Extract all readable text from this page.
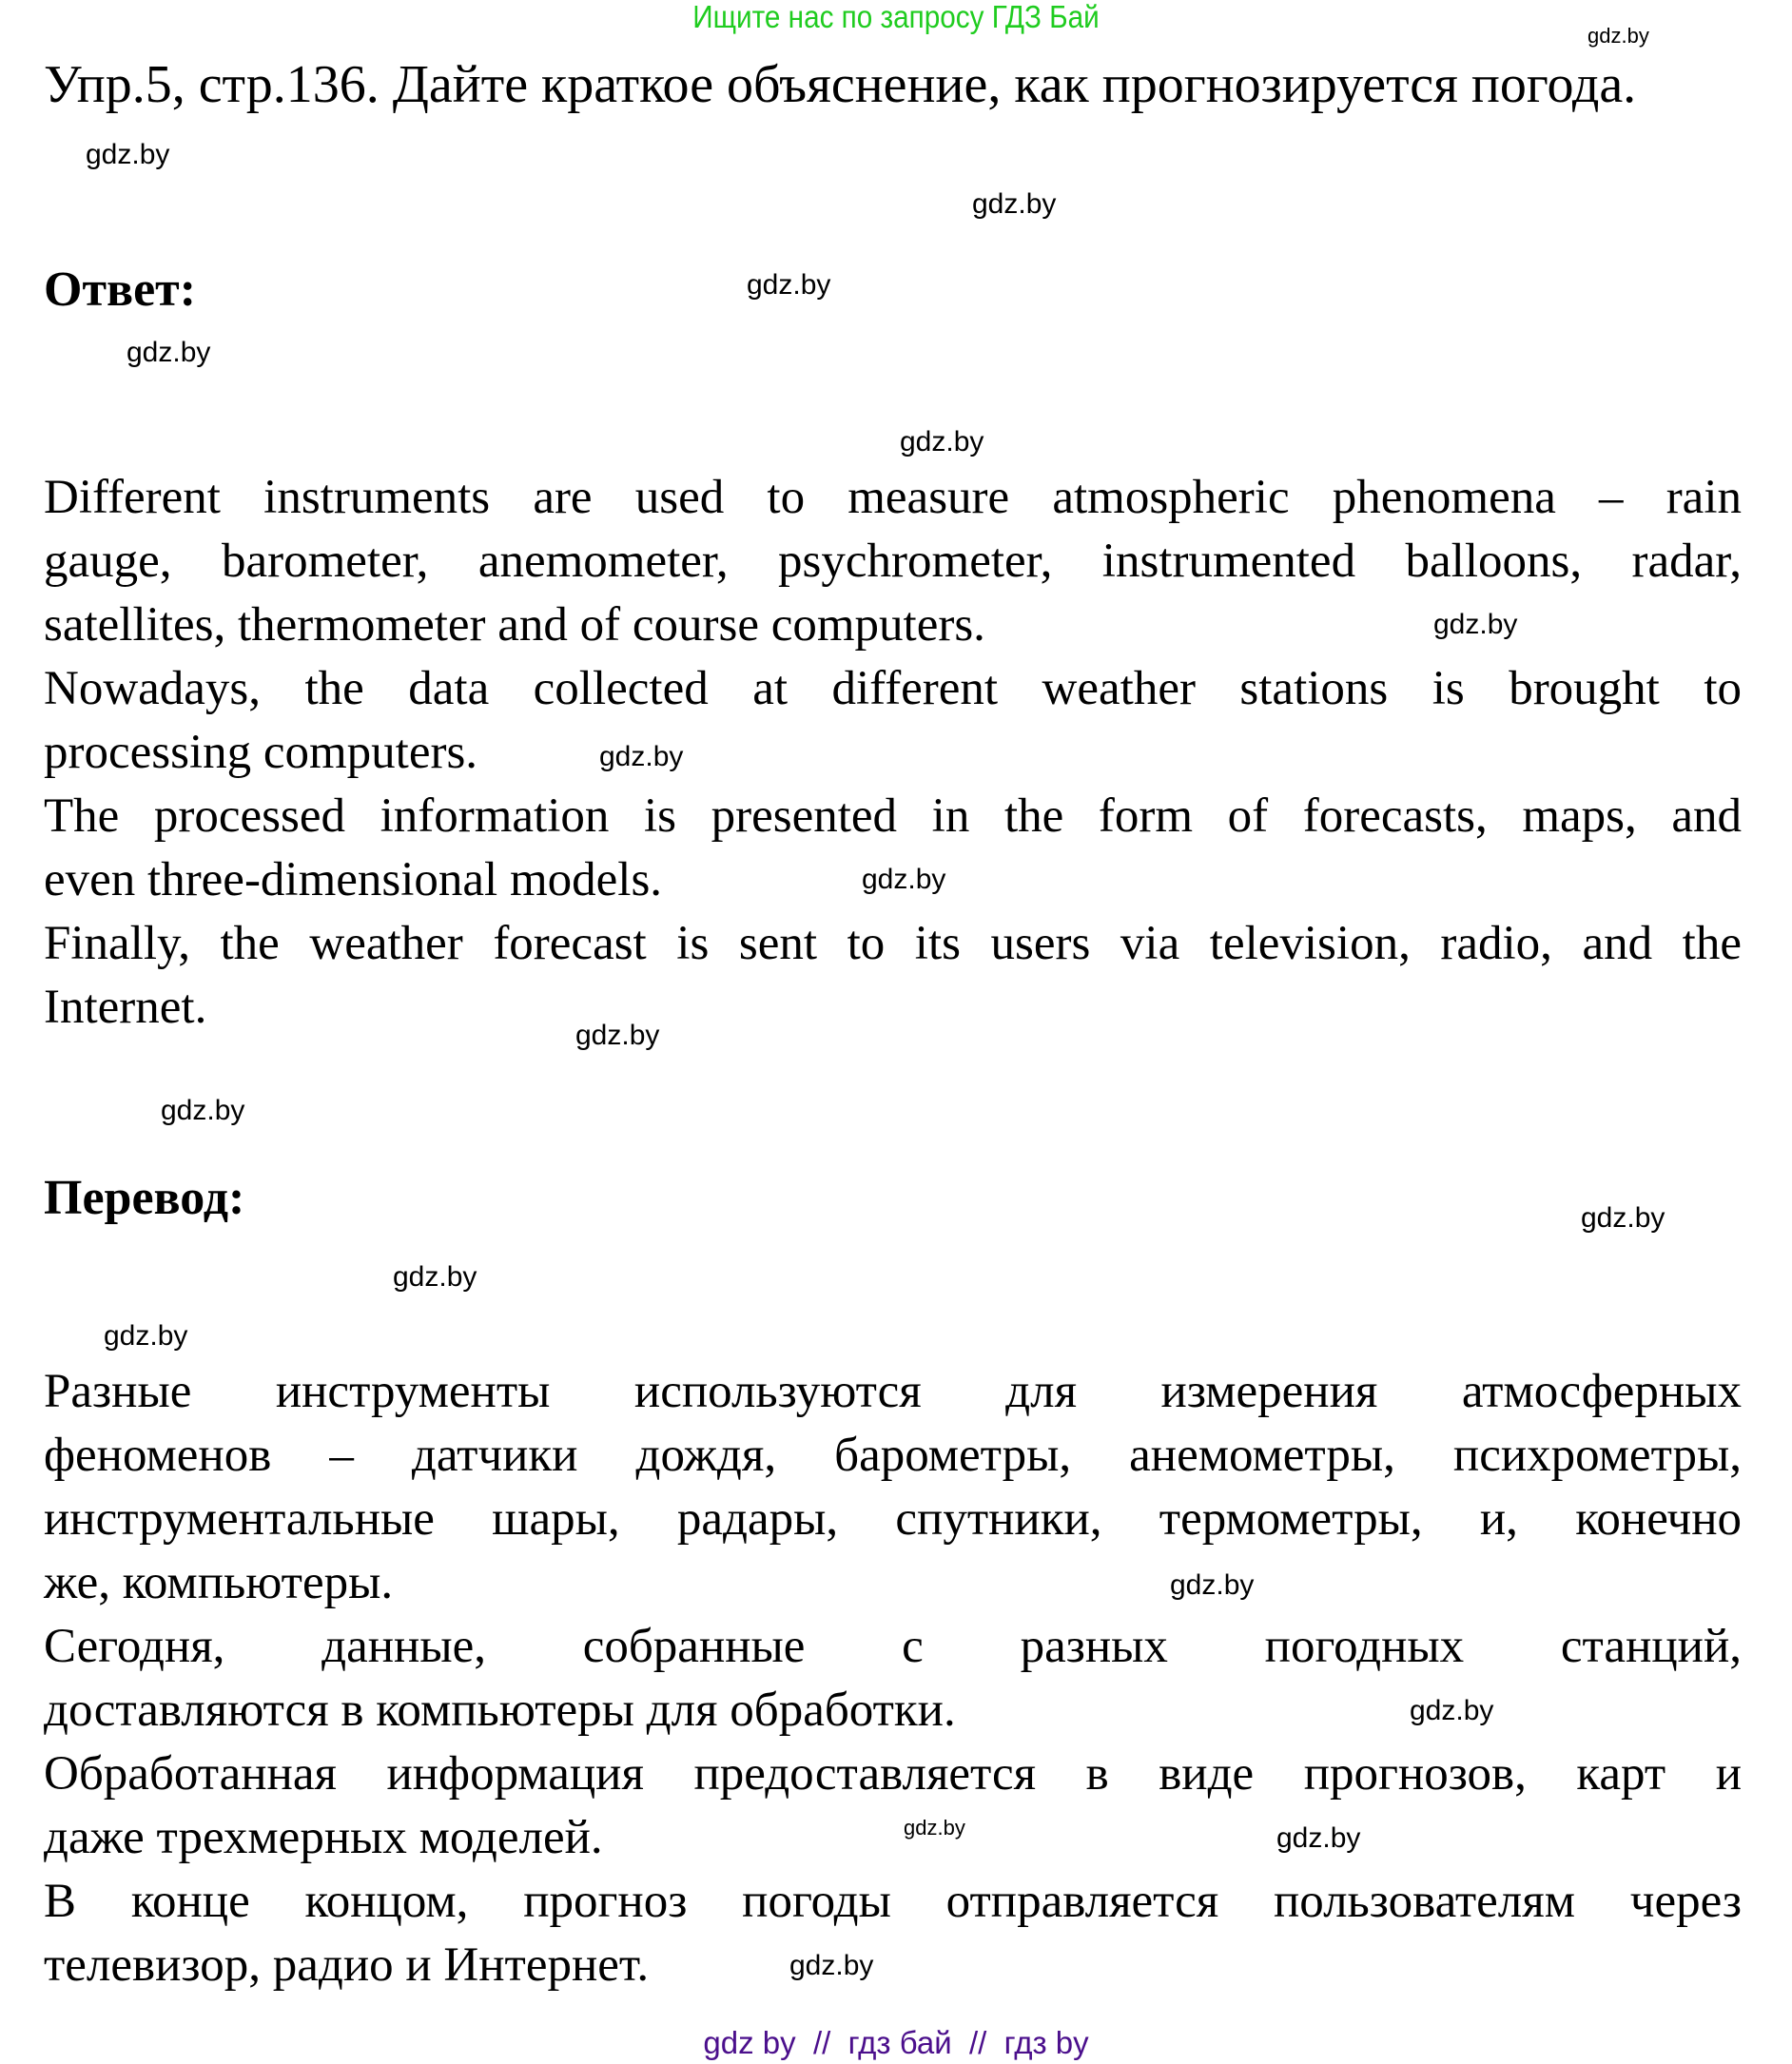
Ищите нас по запросу ГДЗ Бай
Упр.5, стр.136. Дайте краткое объяснение, как прогнозируется погода.
Ответ:
Different instruments are used to measure atmospheric phenomena – rain
gauge, barometer, anemometer, psychrometer, instrumented balloons, radar,
satellites, thermometer and of course computers.
Nowadays, the data collected at different weather stations is brought to
processing computers.
The processed information is presented in the form of forecasts, maps, and
even three-dimensional models.
Finally, the weather forecast is sent to its users via television, radio, and the
Internet.
Перевод:
Разные инструменты используются для измерения атмосферных
феноменов – датчики дождя, барометры, анемометры, психрометры,
инструментальные шары, радары, спутники, термометры, и, конечно
же, компьютеры.
Сегодня, данные, собранные с разных погодных станций,
доставляются в компьютеры для обработки.
Обработанная информация предоставляется в виде прогнозов, карт и
даже трехмерных моделей.
В конце концом, прогноз погоды отправляется пользователям через
телевизор, радио и Интернет.
gdz.by
gdz.by
gdz.by
gdz.by
gdz.by
gdz.by
gdz.by
gdz.by
gdz.by
gdz.by
gdz.by
gdz.by
gdz.by
gdz.by
gdz.by
gdz.by
gdz.by	gdz.by
gdz.by
gdz by  //  гдз бай  //  гдз by
